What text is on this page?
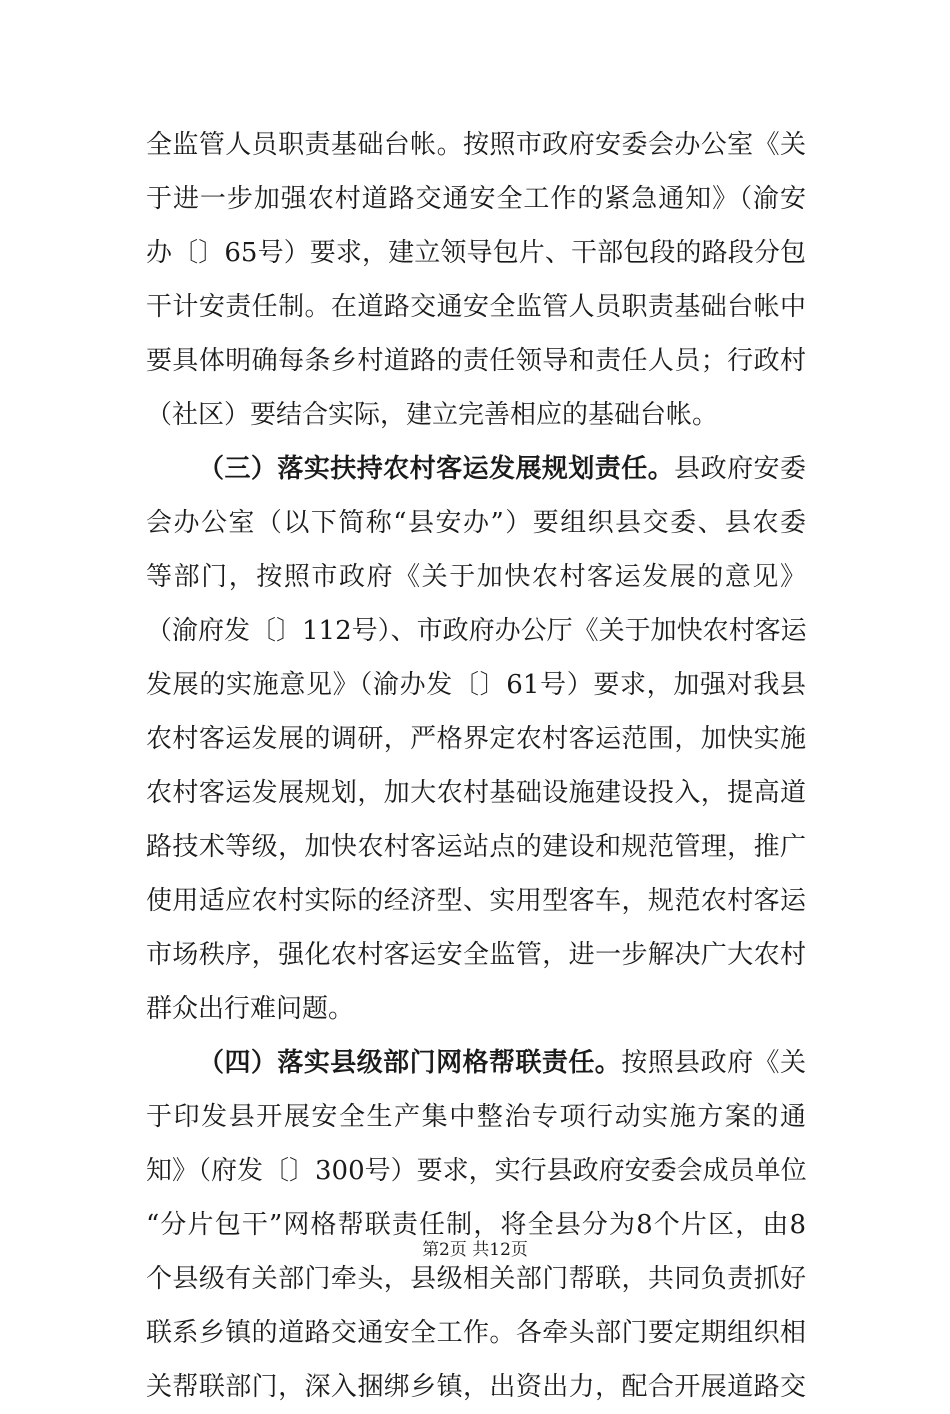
全监管人员职责基础台帐。按照市政府安委会办公室《关
于进一步加强农村道路交通安全工作的紧急通知》（渝安
办〔〕65号）要求，建立领导包片、干部包段的路段分包
干计安责任制。在道路交通安全监管人员职责基础台帐中
要具体明确每条乡村道路的责任领导和责任人员；行政村
（社区）要结合实际，建立完善相应的基础台帐。
（三）落实扶持农村客运发展规划责任。县政府安委
会办公室（以下简称“县安办”）要组织县交委、县农委
等部门，按照市政府《关于加快农村客运发展的意见》
（渝府发〔〕112号）、市政府办公厅《关于加快农村客运
发展的实施意见》（渝办发〔〕61号）要求，加强对我县
农村客运发展的调研，严格界定农村客运范围，加快实施
农村客运发展规划，加大农村基础设施建设投入，提高道
路技术等级，加快农村客运站点的建设和规范管理，推广
使用适应农村实际的经济型、实用型客车，规范农村客运
市场秩序，强化农村客运安全监管，进一步解决广大农村
群众出行难问题。
（四）落实县级部门网格帮联责任。按照县政府《关
于印发县开展安全生产集中整治专项行动实施方案的通
知》（府发〔〕300号）要求，实行县政府安委会成员单位
“分片包干”网格帮联责任制，将全县分为8个片区，由8
个县级有关部门牵头，县级相关部门帮联，共同负责抓好
联系乡镇的道路交通安全工作。各牵头部门要定期组织相
关帮联部门，深入捆绑乡镇，出资出力，配合开展道路交
第2页 共12页
